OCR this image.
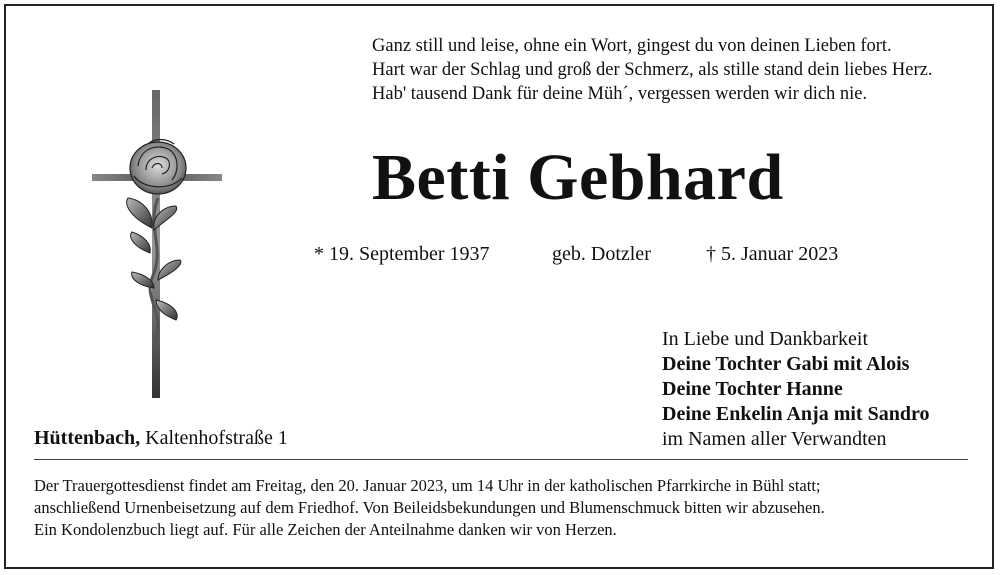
Ganz still und leise, ohne ein Wort, gingest du von deinen Lieben fort.
Hart war der Schlag und groß der Schmerz, als stille stand dein liebes Herz.
Hab' tausend Dank für deine Müh´, vergessen werden wir dich nie.
Betti Gebhard
* 19. September 1937	geb. Dotzler	† 5. Januar 2023
In Liebe und Dankbarkeit
Deine Tochter Gabi mit Alois
Deine Tochter Hanne
Deine Enkelin Anja mit Sandro
im Namen aller Verwandten
Hüttenbach, Kaltenhofstraße 1
Der Trauergottesdienst findet am Freitag, den 20. Januar 2023, um 14 Uhr in der katholischen Pfarrkirche in Bühl statt;
anschließend Urnenbeisetzung auf dem Friedhof. Von Beileidsbekundungen und Blumenschmuck bitten wir abzusehen.
Ein Kondolenzbuch liegt auf. Für alle Zeichen der Anteilnahme danken wir von Herzen.
